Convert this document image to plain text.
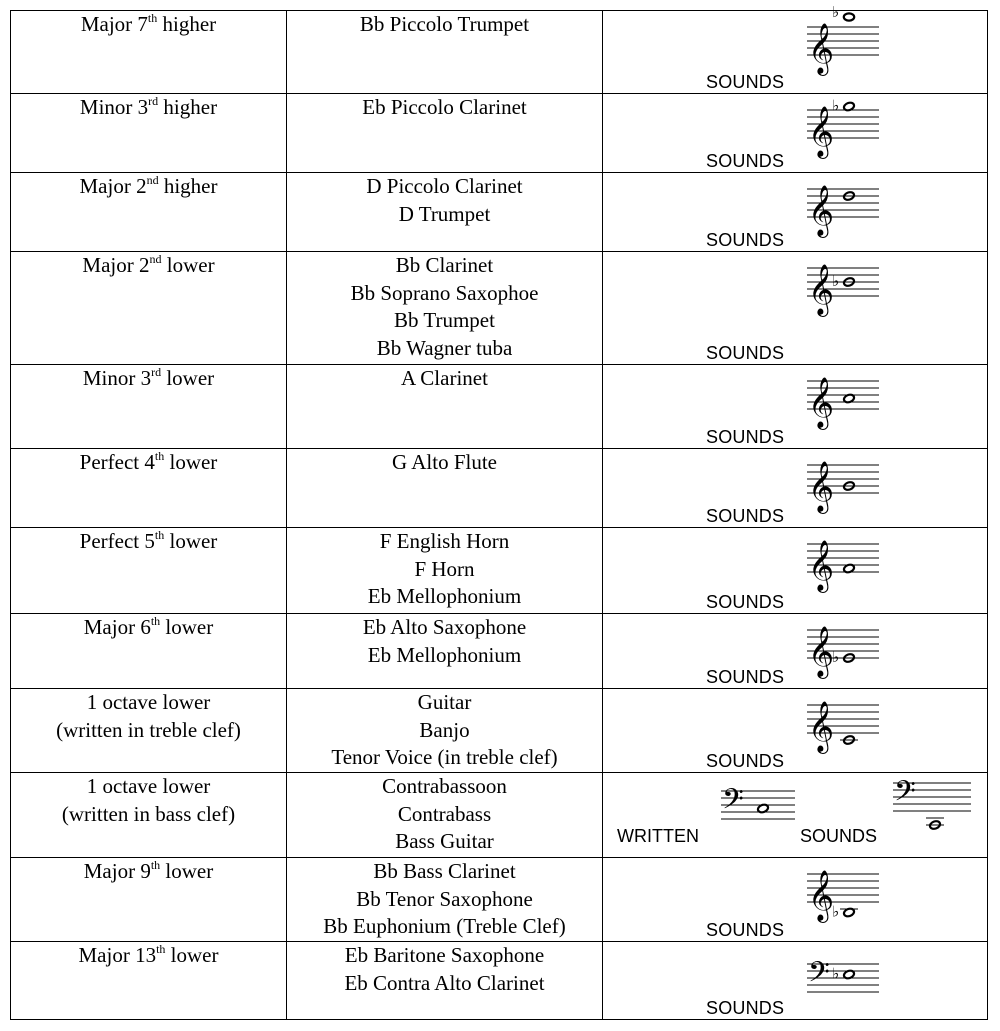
Major 7th higher	Bb Piccolo Trumpet	SOUNDS
𝄞
♭

Minor 3rd higher	Eb Piccolo Clarinet	SOUNDS
𝄞
♭

Major 2nd higher	D Piccolo Clarinet
D Trumpet	SOUNDS
𝄞

Major 2nd lower	Bb Clarinet
Bb Soprano Saxophoe
Bb Trumpet
Bb Wagner tuba	SOUNDS
𝄞
♭

Minor 3rd lower	A Clarinet	SOUNDS
𝄞

Perfect 4th lower	G Alto Flute	SOUNDS
𝄞

Perfect 5th lower	F English Horn
F Horn
Eb Mellophonium	SOUNDS
𝄞

Major 6th lower	Eb Alto Saxophone
Eb Mellophonium	SOUNDS 𝄞
♭

1 octave lower
(written in treble clef)	Guitar
Banjo
Tenor Voice (in treble clef)	SOUNDS
𝄞

1 octave lower
(written in bass clef)	Contrabassoon
Contrabass
Bass Guitar	WRITTEN SOUNDS
𝄢 𝄢

Major 9th lower	Bb Bass Clarinet
Bb Tenor Saxophone
Bb Euphonium (Treble Clef)	SOUNDS
𝄞
♭

Major 13th lower	Eb Baritone Saxophone
Eb Contra Alto Clarinet	SOUNDS
𝄢 ♭
